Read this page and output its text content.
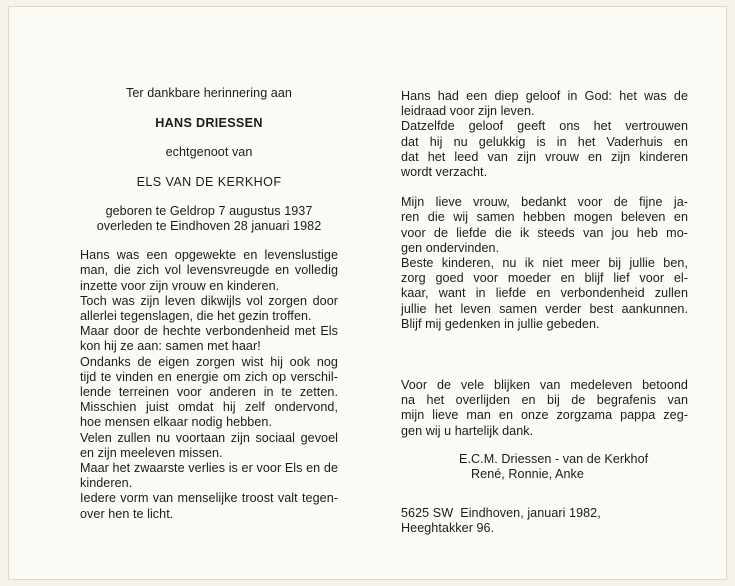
Ter dankbare herinnering aan
HANS DRIESSEN
echtgenoot van
ELS VAN DE KERKHOF
geboren te Geldrop 7 augustus 1937
overleden te Eindhoven 28 januari 1982
Hans was een opgewekte en levenslustige
man, die zich vol levensvreugde en volledig
inzette voor zijn vrouw en kinderen.
Toch was zijn leven dikwijls vol zorgen door
allerlei tegenslagen, die het gezin troffen.
Maar door de hechte verbondenheid met Els
kon hij ze aan: samen met haar!
Ondanks de eigen zorgen wist hij ook nog
tijd te vinden en energie om zich op verschil-
lende terreinen voor anderen in te zetten.
Misschien juist omdat hij zelf ondervond,
hoe mensen elkaar nodig hebben.
Velen zullen nu voortaan zijn sociaal gevoel
en zijn meeleven missen.
Maar het zwaarste verlies is er voor Els en de
kinderen.
Iedere vorm van menselijke troost valt tegen-
over hen te licht.
Hans had een diep geloof in God: het was de
leidraad voor zijn leven.
Datzelfde geloof geeft ons het vertrouwen
dat hij nu gelukkig is in het Vaderhuis en
dat het leed van zijn vrouw en zijn kinderen
wordt verzacht.
Mijn lieve vrouw, bedankt voor de fijne ja-
ren die wij samen hebben mogen beleven en
voor de liefde die ik steeds van jou heb mo-
gen ondervinden.
Beste kinderen, nu ik niet meer bij jullie ben,
zorg goed voor moeder en blijf lief voor el-
kaar, want in liefde en verbondenheid zullen
jullie het leven samen verder best aankunnen.
Blijf mij gedenken in jullie gebeden.
Voor de vele blijken van medeleven betoond
na het overlijden en bij de begrafenis van
mijn lieve man en onze zorgzama pappa zeg-
gen wij u hartelijk dank.
E.C.M. Driessen - van de Kerkhof
René, Ronnie, Anke
5625 SW  Eindhoven, januari 1982,
Heeghtakker 96.
